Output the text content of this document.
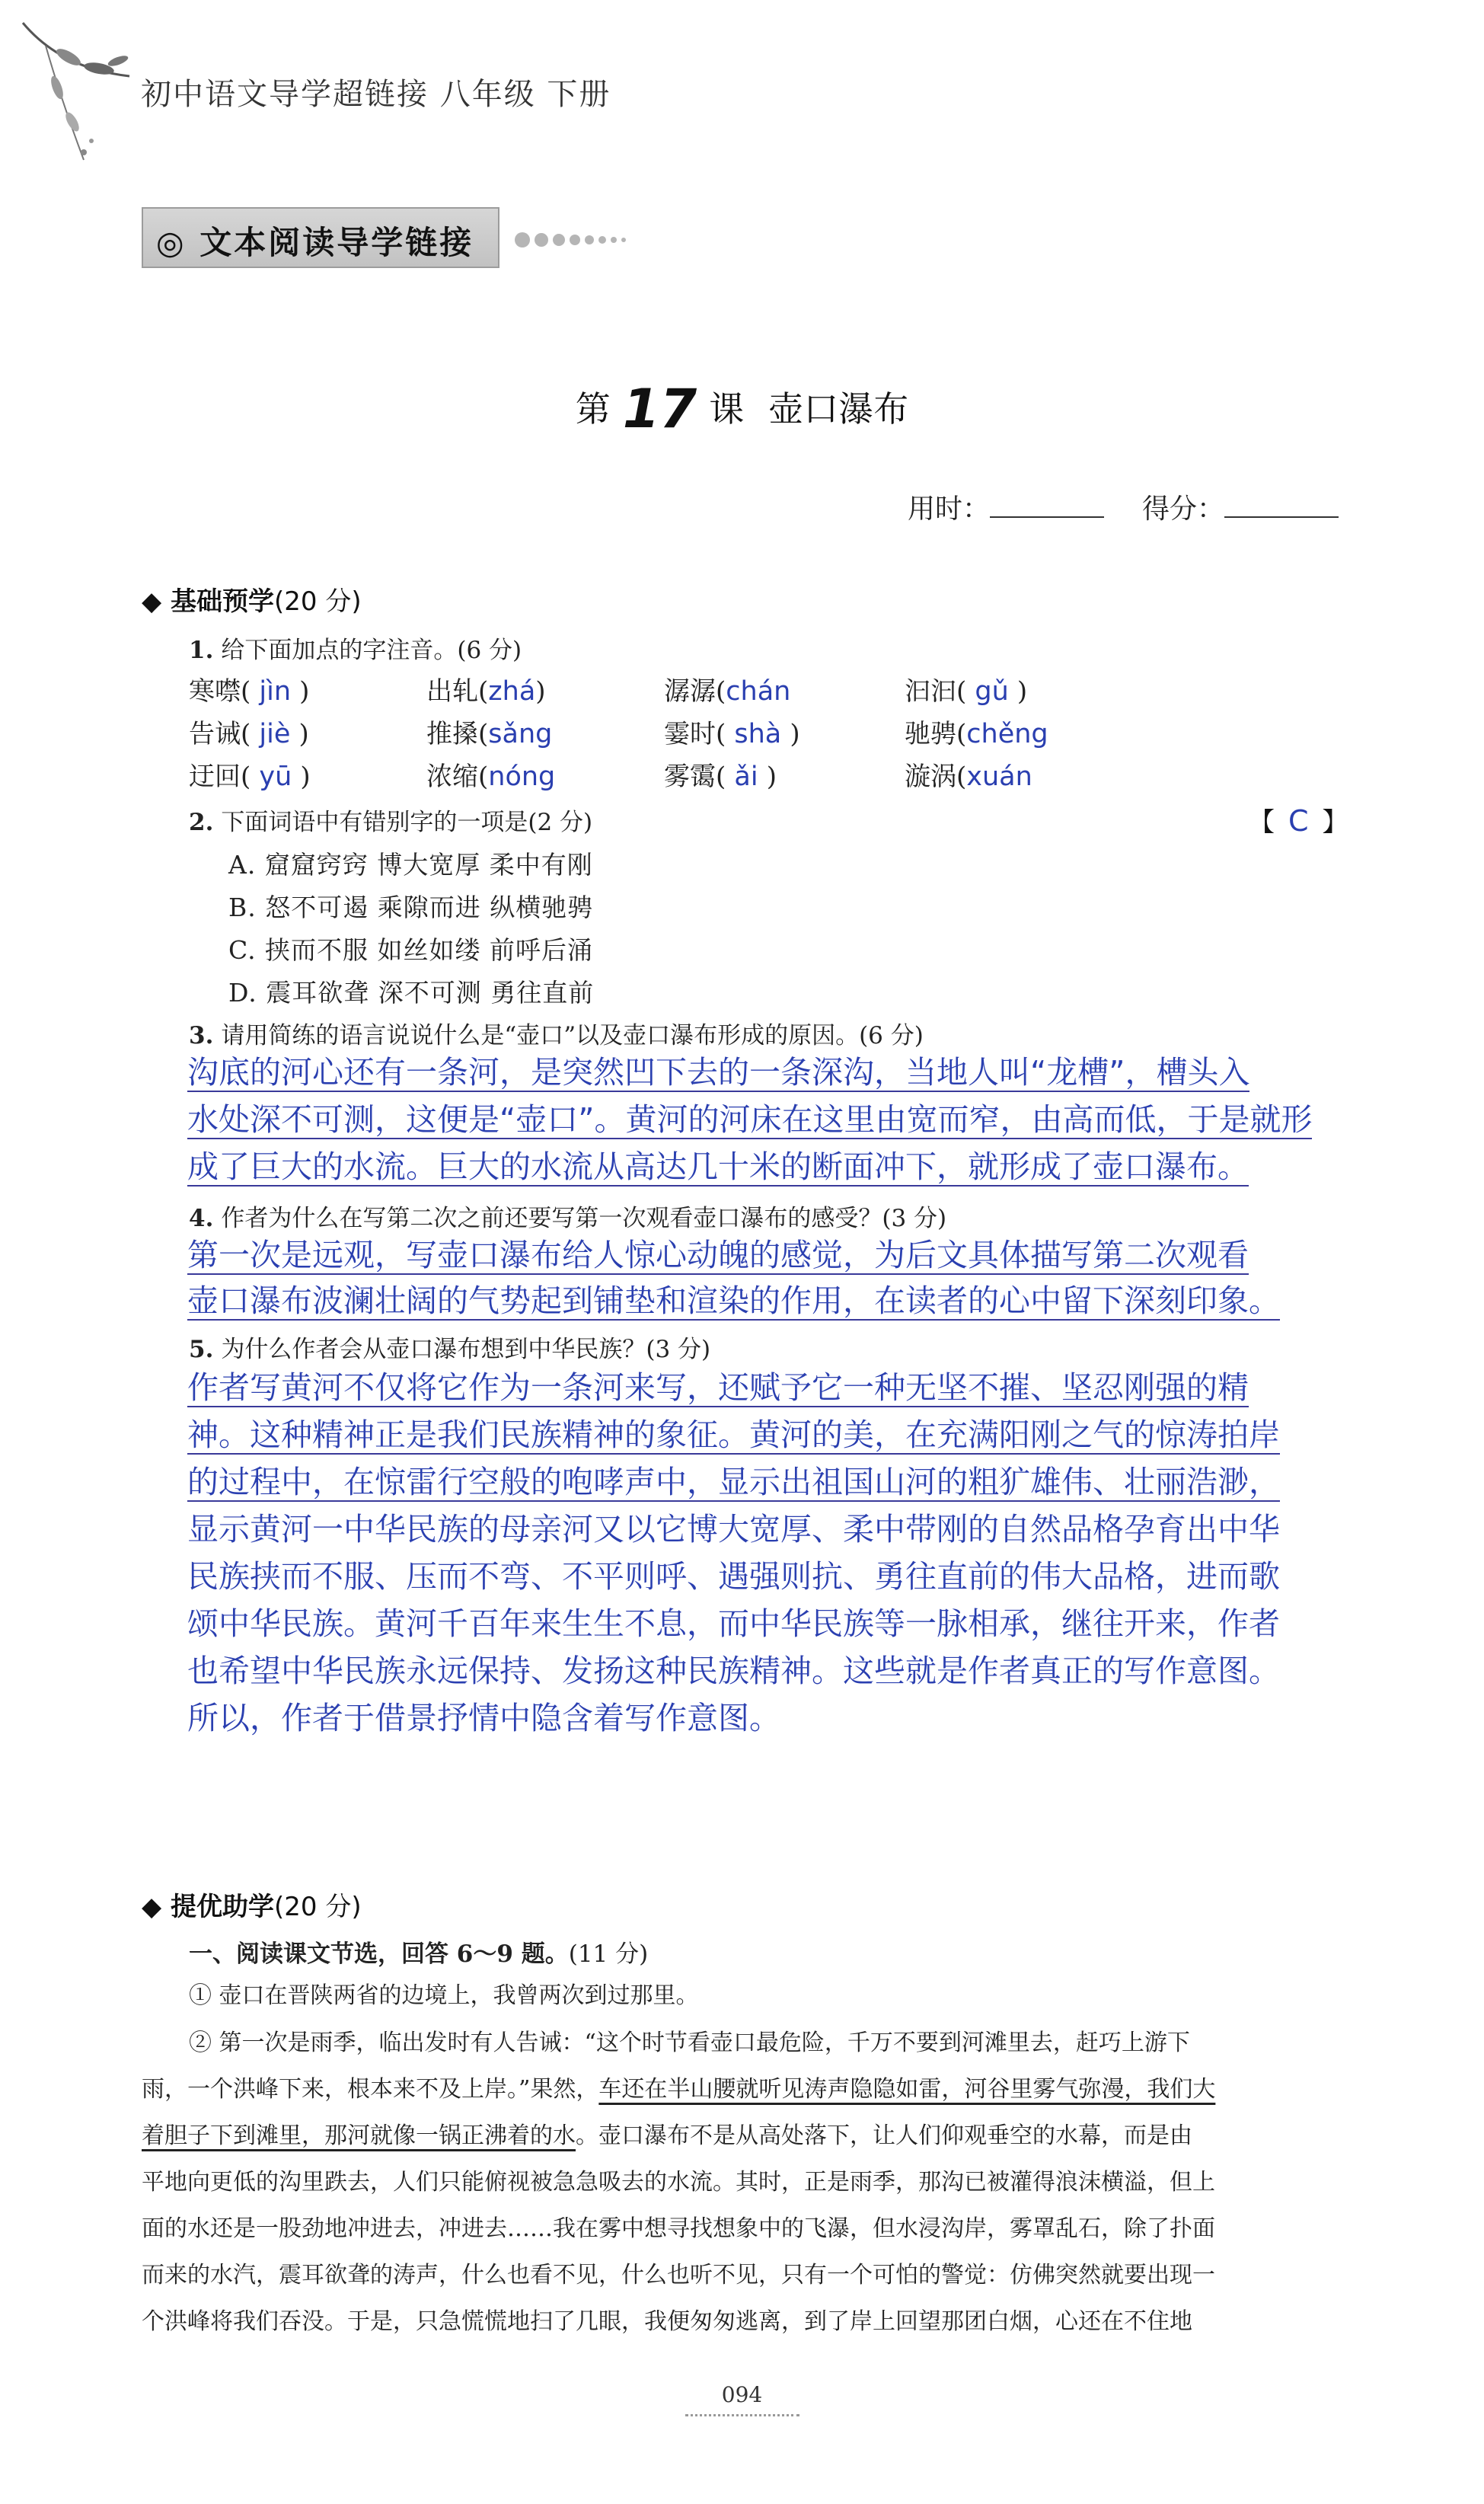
初中语文导学超链接 八年级 下册
◎ 文本阅读导学链接
第 17 课 壶口瀑布
用时：	得分：
◆ 基础预学(20 分)
1. 给下面加点的字注音。(6 分)
寒噤( jìn )	出轧(zhá)	潺潺(chán	汩汩( gǔ )
告诫( jiè )	推搡(sǎng	霎时( shà )	驰骋(chěng
迂回( yū )	浓缩(nóng	雾霭( ǎi )	漩涡(xuán
2. 下面词语中有错别字的一项是(2 分)	【 C 】
A. 窟窟窍窍 博大宽厚 柔中有刚
B. 怒不可遏 乘隙而进 纵横驰骋
C. 挟而不服 如丝如缕 前呼后涌
D. 震耳欲聋 深不可测 勇往直前
3. 请用简练的语言说说什么是“壶口”以及壶口瀑布形成的原因。(6 分)
沟底的河心还有一条河，是突然凹下去的一条深沟，当地人叫“龙槽”，槽头入
水处深不可测，这便是“壶口”。黄河的河床在这里由宽而窄，由高而低，于是就形
成了巨大的水流。巨大的水流从高达几十米的断面冲下，就形成了壶口瀑布。
4. 作者为什么在写第二次之前还要写第一次观看壶口瀑布的感受？(3 分)
第一次是远观，写壶口瀑布给人惊心动魄的感觉，为后文具体描写第二次观看
壶口瀑布波澜壮阔的气势起到铺垫和渲染的作用，在读者的心中留下深刻印象。
5. 为什么作者会从壶口瀑布想到中华民族？(3 分)
作者写黄河不仅将它作为一条河来写，还赋予它一种无坚不摧、坚忍刚强的精
神。这种精神正是我们民族精神的象征。黄河的美，在充满阳刚之气的惊涛拍岸
的过程中，在惊雷行空般的咆哮声中，显示出祖国山河的粗犷雄伟、壮丽浩渺，
显示黄河一中华民族的母亲河又以它博大宽厚、柔中带刚的自然品格孕育出中华
民族挟而不服、压而不弯、不平则呼、遇强则抗、勇往直前的伟大品格，进而歌
颂中华民族。黄河千百年来生生不息，而中华民族等一脉相承，继往开来，作者
也希望中华民族永远保持、发扬这种民族精神。这些就是作者真正的写作意图。
所以，作者于借景抒情中隐含着写作意图。
◆ 提优助学(20 分)
一、阅读课文节选，回答 6～9 题。(11 分)
① 壶口在晋陕两省的边境上，我曾两次到过那里。
② 第一次是雨季，临出发时有人告诫：“这个时节看壶口最危险，千万不要到河滩里去，赶巧上游下
雨，一个洪峰下来，根本来不及上岸。”果然，车还在半山腰就听见涛声隐隐如雷，河谷里雾气弥漫，我们大
着胆子下到滩里，那河就像一锅正沸着的水。壶口瀑布不是从高处落下，让人们仰观垂空的水幕，而是由
平地向更低的沟里跌去，人们只能俯视被急急吸去的水流。其时，正是雨季，那沟已被灌得浪沫横溢，但上
面的水还是一股劲地冲进去，冲进去……我在雾中想寻找想象中的飞瀑，但水浸沟岸，雾罩乱石，除了扑面
而来的水汽，震耳欲聋的涛声，什么也看不见，什么也听不见，只有一个可怕的警觉：仿佛突然就要出现一
个洪峰将我们吞没。于是，只急慌慌地扫了几眼，我便匆匆逃离，到了岸上回望那团白烟，心还在不住地
094
